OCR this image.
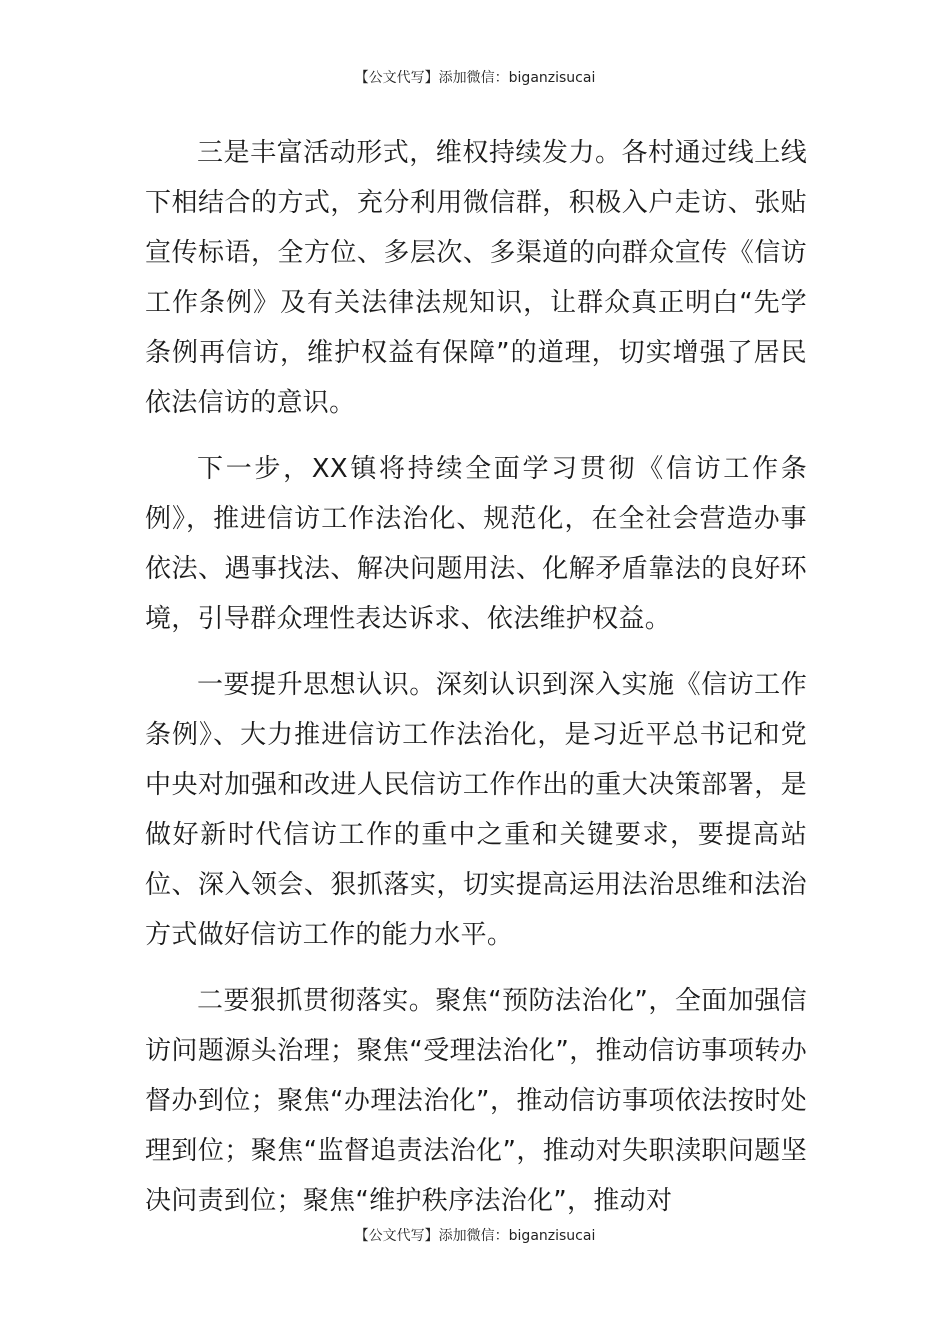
【公文代写】添加微信：biganzisucai

三是丰富活动形式，维权持续发力。各村通过线上线下相结合的方式，充分利用微信群，积极入户走访、张贴宣传标语，全方位、多层次、多渠道的向群众宣传《信访工作条例》及有关法律法规知识，让群众真正明白“先学条例再信访，维护权益有保障”的道理，切实增强了居民依法信访的意识。

下一步，XX镇将持续全面学习贯彻《信访工作条例》，推进信访工作法治化、规范化，在全社会营造办事依法、遇事找法、解决问题用法、化解矛盾靠法的良好环境，引导群众理性表达诉求、依法维护权益。

一要提升思想认识。深刻认识到深入实施《信访工作条例》、大力推进信访工作法治化，是习近平总书记和党中央对加强和改进人民信访工作作出的重大决策部署，是做好新时代信访工作的重中之重和关键要求，要提高站位、深入领会、狠抓落实，切实提高运用法治思维和法治方式做好信访工作的能力水平。

二要狠抓贯彻落实。聚焦“预防法治化”，全面加强信访问题源头治理；聚焦“受理法治化”，推动信访事项转办督办到位；聚焦“办理法治化”，推动信访事项依法按时处理到位；聚焦“监督追责法治化”，推动对失职渎职问题坚决问责到位；聚焦“维护秩序法治化”，推动对

【公文代写】添加微信：biganzisucai
